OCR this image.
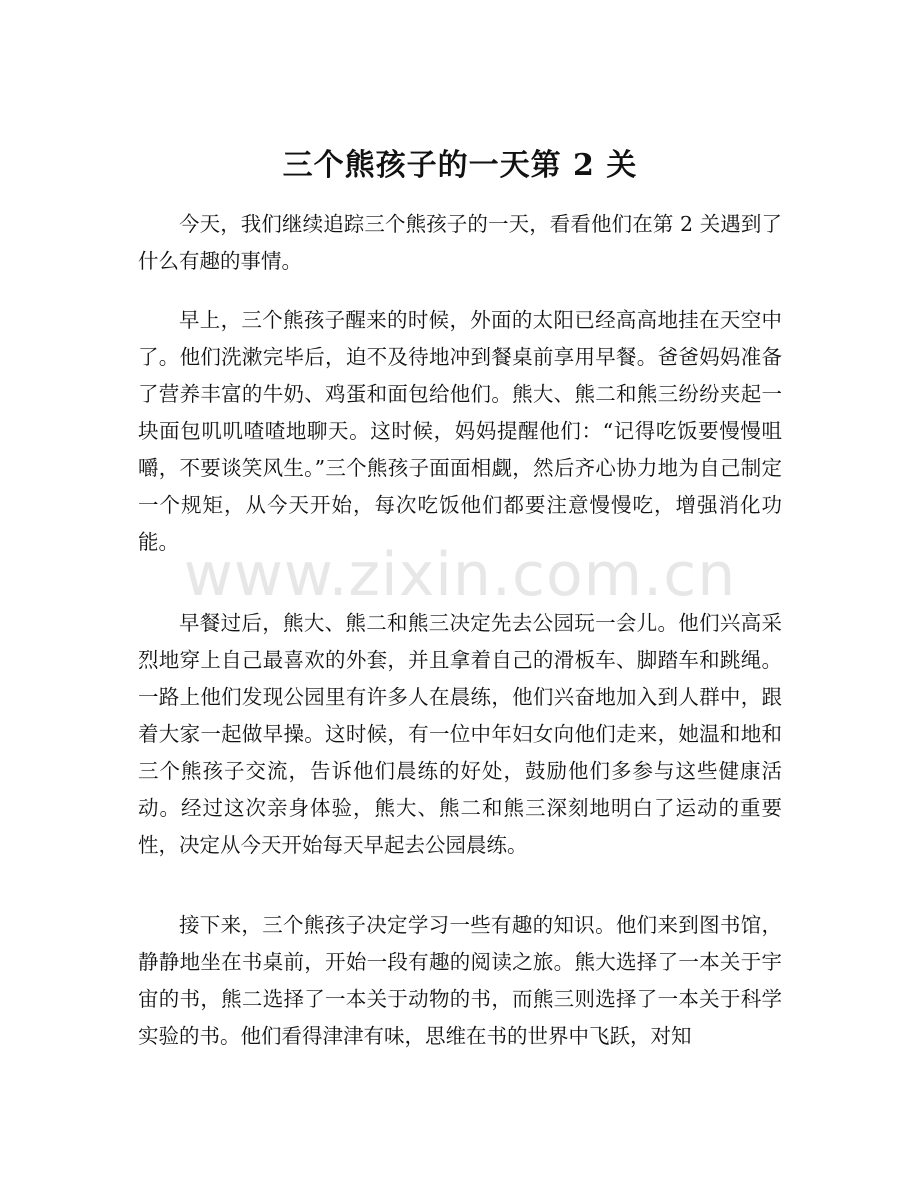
三个熊孩子的一天第 2 关

今天，我们继续追踪三个熊孩子的一天，看看他们在第 2 关遇到了什么有趣的事情。

早上，三个熊孩子醒来的时候，外面的太阳已经高高地挂在天空中了。他们洗漱完毕后，迫不及待地冲到餐桌前享用早餐。爸爸妈妈准备了营养丰富的牛奶、鸡蛋和面包给他们。熊大、熊二和熊三纷纷夹起一块面包叽叽喳喳地聊天。这时候，妈妈提醒他们：“记得吃饭要慢慢咀嚼，不要谈笑风生。”三个熊孩子面面相觑，然后齐心协力地为自己制定一个规矩，从今天开始，每次吃饭他们都要注意慢慢吃，增强消化功能。

早餐过后，熊大、熊二和熊三决定先去公园玩一会儿。他们兴高采烈地穿上自己最喜欢的外套，并且拿着自己的滑板车、脚踏车和跳绳。一路上他们发现公园里有许多人在晨练，他们兴奋地加入到人群中，跟着大家一起做早操。这时候，有一位中年妇女向他们走来，她温和地和三个熊孩子交流，告诉他们晨练的好处，鼓励他们多参与这些健康活动。经过这次亲身体验，熊大、熊二和熊三深刻地明白了运动的重要性，决定从今天开始每天早起去公园晨练。

接下来，三个熊孩子决定学习一些有趣的知识。他们来到图书馆，静静地坐在书桌前，开始一段有趣的阅读之旅。熊大选择了一本关于宇宙的书，熊二选择了一本关于动物的书，而熊三则选择了一本关于科学实验的书。他们看得津津有味，思维在书的世界中飞跃，对知

www.zixin.com.cn
